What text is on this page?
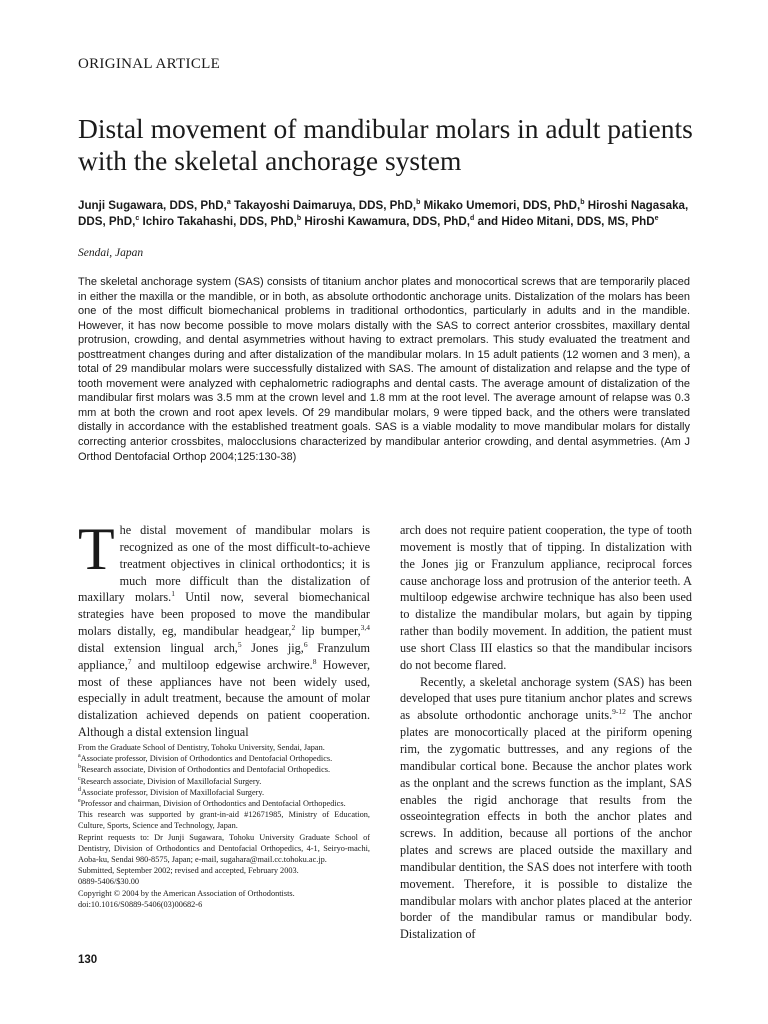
ORIGINAL ARTICLE
Distal movement of mandibular molars in adult patients with the skeletal anchorage system

Junji Sugawara, DDS, PhD,$^a$ Takayoshi Daimaruya, DDS, PhD,$^b$ Mikako Umemori, DDS, PhD,$^b$ Hiroshi Nagasaka, DDS, PhD,$^c$ Ichiro Takahashi, DDS, PhD,$^b$ Hiroshi Kawamura, DDS, PhD,$^d$ and Hideo Mitani, DDS, MS, PhD$^e$

Sendai, Japan

The skeletal anchorage system (SAS) consists of titanium anchor plates and monocortical screws that are temporarily placed in either the maxilla or the mandible, or in both, as absolute orthodontic anchorage units. Distalization of the molars has been one of the most difficult biomechanical problems in traditional orthodontics, particularly in adults and in the mandible. However, it has now become possible to move molars distally with the SAS to correct anterior crossbites, maxillary dental protrusion, crowding, and dental asymmetries without having to extract premolars. This study evaluated the treatment and posttreatment changes during and after distalization of the mandibular molars. In 15 adult patients (12 women and 3 men), a total of 29 mandibular molars were successfully distalized with SAS. The amount of distalization and relapse and the type of tooth movement were analyzed with cephalometric radiographs and dental casts. The average amount of distalization of the mandibular first molars was 3.5 mm at the crown level and 1.8 mm at the root level. The average amount of relapse was 0.3 mm at both the crown and root apex levels. Of 29 mandibular molars, 9 were tipped back, and the others were translated distally in accordance with the established treatment goals. SAS is a viable modality to move mandibular molars for distally correcting anterior crossbites, malocclusions characterized by mandibular anterior crowding, and dental asymmetries. (Am J Orthod Dentofacial Orthop 2004;125:130-38)

T he distal movement of mandibular molars is recognized as one of the most difficult-to-achieve treatment objectives in clinical orthodontics; it is much more difficult than the distalization of maxillary molars.$^1$ Until now, several biomechanical strategies have been proposed to move the mandibular molars distally, eg, mandibular headgear,$^2$ lip bumper,$^{3,4}$ distal extension lingual arch,$^5$ Jones jig,$^6$ Franzulum appliance,$^7$ and multiloop edgewise archwire.$^8$ However, most of these appliances have not been widely used, especially in adult treatment, because the amount of molar distalization achieved depends on patient cooperation. Although a distal extension lingual
arch does not require patient cooperation, the type of tooth movement is mostly that of tipping. In distalization with the Jones jig or Franzulum appliance, reciprocal forces cause anchorage loss and protrusion of the anterior teeth. A multiloop edgewise archwire technique has also been used to distalize the mandibular molars, but again by tipping rather than bodily movement. In addition, the patient must use short Class III elastics so that the mandibular incisors do not become flared.
Recently, a skeletal anchorage system (SAS) has been developed that uses pure titanium anchor plates and screws as absolute orthodontic anchorage units.$^{9-12}$ The anchor plates are monocortically placed at the piriform opening rim, the zygomatic buttresses, and any regions of the mandibular cortical bone. Because the anchor plates work as the onplant and the screws function as the implant, SAS enables the rigid anchorage that results from the osseointegration effects in both the anchor plates and screws. In addition, because all portions of the anchor plates and screws are placed outside the maxillary and mandibular dentition, the SAS does not interfere with tooth movement. Therefore, it is possible to distalize the mandibular molars with anchor plates placed at the anterior border of the mandibular ramus or mandibular body. Distalization of
From the Graduate School of Dentistry, Tohoku University, Sendai, Japan.
$^a$Associate professor, Division of Orthodontics and Dentofacial Orthopedics.
$^b$Research associate, Division of Orthodontics and Dentofacial Orthopedics.
$^c$Research associate, Division of Maxillofacial Surgery.
$^d$Associate professor, Division of Maxillofacial Surgery.
$^e$Professor and chairman, Division of Orthodontics and Dentofacial Orthopedics.
This research was supported by grant-in-aid #12671985, Ministry of Education, Culture, Sports, Science and Technology, Japan.
Reprint requests to: Dr Junji Sugawara, Tohoku University Graduate School of Dentistry, Division of Orthodontics and Dentofacial Orthopedics, 4-1, Seiryo-machi, Aoba-ku, Sendai 980-8575, Japan; e-mail, sugahara@mail.cc.tohoku.ac.jp.
Submitted, September 2002; revised and accepted, February 2003.
0889-5406/$30.00
Copyright © 2004 by the American Association of Orthodontists.
doi:10.1016/S0889-5406(03)00682-6
130
